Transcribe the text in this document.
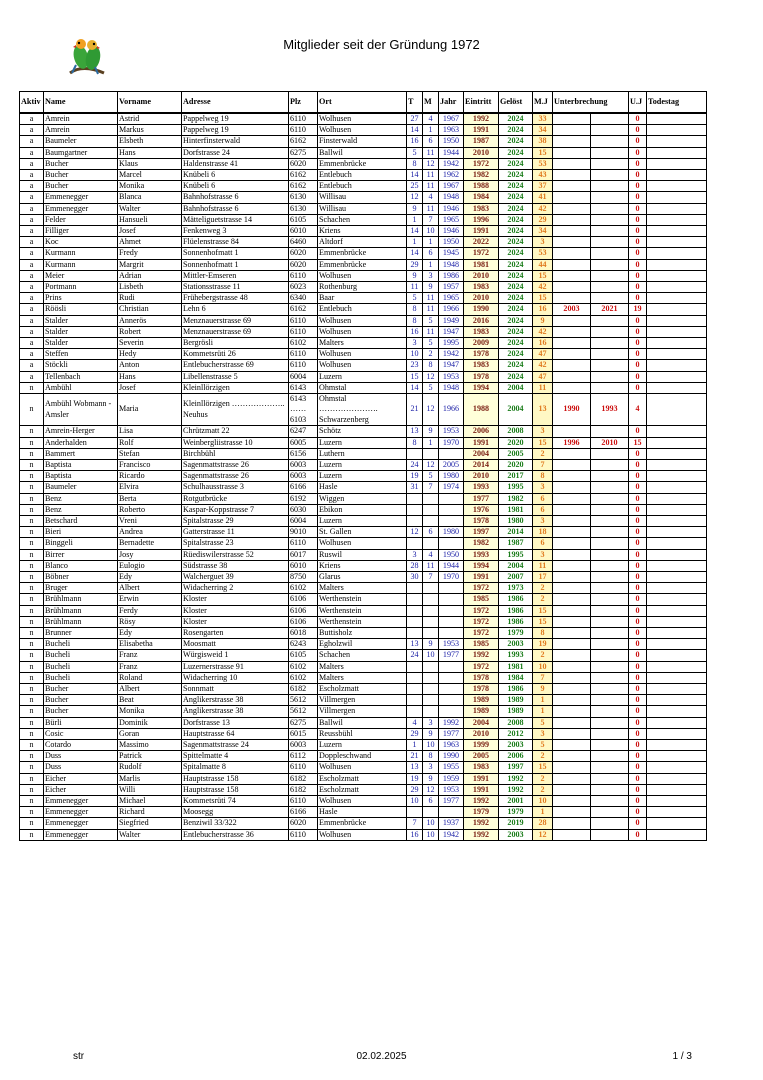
Mitglieder seit der Gründung 1972
Aktiv	Name	Vorname	Adresse	Plz	Ort	T	M	Jahr	Eintritt	Gelöst	M.J	Unterbrechung		U.J	Todestag
a	Amrein	Astrid	Pappelweg 19	6110	Wolhusen	27	4	1967	1992	2024	33			0	
a	Amrein	Markus	Pappelweg 19	6110	Wolhusen	14	1	1963	1991	2024	34			0	
a	Baumeler	Elsbeth	Hinterfinsterwald	6162	Finsterwald	16	6	1950	1987	2024	38			0	
a	Baumgartner	Hans	Dorfstrasse 24	6275	Ballwil	5	11	1944	2010	2024	15			0	
a	Bucher	Klaus	Haldenstrasse 41	6020	Emmenbrücke	8	12	1942	1972	2024	53			0	
a	Bucher	Marcel	Knübeli 6	6162	Entlebuch	14	11	1962	1982	2024	43			0	
a	Bucher	Monika	Knübeli 6	6162	Entlebuch	25	11	1967	1988	2024	37			0	
a	Emmenegger	Blanca	Bahnhofstrasse 6	6130	Willisau	12	4	1948	1984	2024	41			0	
a	Emmenegger	Walter	Bahnhofstrasse 6	6130	Willisau	9	11	1946	1983	2024	42			0	
a	Felder	Hansueli	Mätteliguetstrasse 14	6105	Schachen	1	7	1965	1996	2024	29			0	
a	Filliger	Josef	Fenkenweg 3	6010	Kriens	14	10	1946	1991	2024	34			0	
a	Koc	Ahmet	Flüelenstrasse 84	6460	Altdorf	1	1	1950	2022	2024	3			0	
a	Kurmann	Fredy	Sonnenhofmatt 1	6020	Emmenbrücke	14	6	1945	1972	2024	53			0	
a	Kurmann	Margrit	Sonnenhofmatt 1	6020	Emmenbrücke	29	1	1948	1981	2024	44			0	
a	Meier	Adrian	Mittler-Emseren	6110	Wolhusen	9	3	1986	2010	2024	15			0	
a	Portmann	Lisbeth	Stationsstrasse 11	6023	Rothenburg	11	9	1957	1983	2024	42			0	
a	Prins	Rudi	Frühebergstrasse 48	6340	Baar	5	11	1965	2010	2024	15			0	
a	Röösli	Christian	Lehn 6	6162	Entlebuch	8	11	1966	1990	2024	16	2003	2021	19	
a	Stalder	Annerös	Menznauerstrasse 69	6110	Wolhusen	8	5	1949	2016	2024	9			0	
a	Stalder	Robert	Menznauerstrasse 69	6110	Wolhusen	16	11	1947	1983	2024	42			0	
a	Stalder	Severin	Bergrösli	6102	Malters	3	5	1995	2009	2024	16			0	
a	Steffen	Hedy	Kommetsrüti 26	6110	Wolhusen	10	2	1942	1978	2024	47			0	
a	Stöckli	Anton	Entlebucherstrasse 69	6110	Wolhusen	23	8	1947	1983	2024	42			0	
a	Tellenbach	Hans	Libellenstrasse 5	6004	Luzern	15	12	1953	1978	2024	47			0	
n	Ambühl	Josef	Kleinllörzigen	6143	Ohmstal	14	5	1948	1994	2004	11			0	
n	Ambühl Wobmann - Amsler	Maria	Kleinllörzigen ……………….. Neuhus	6143 …… 6103	Ohmstal …………………. Schwarzenberg	21	12	1966	1988	2004	13	1990	1993	4	
n	Amrein-Herger	Lisa	Chrützmatt 22	6247	Schötz	13	9	1953	2006	2008	3			0	
n	Anderhalden	Rolf	Weinbergliistrasse 10	6005	Luzern	8	1	1970	1991	2020	15	1996	2010	15	
n	Bammert	Stefan	Birchbühl	6156	Luthern				2004	2005	2			0	
n	Baptista	Francisco	Sagenmattstrasse 26	6003	Luzern	24	12	2005	2014	2020	7			0	
n	Baptista	Ricardo	Sagenmattstrasse 26	6003	Luzern	19	5	1980	2010	2017	8			0	
n	Baumeler	Elvira	Schulhausstrasse 3	6166	Hasle	31	7	1974	1993	1995	3			0	
n	Benz	Berta	Rotgutbrücke	6192	Wiggen				1977	1982	6			0	
n	Benz	Roberto	Kaspar-Koppstrasse 7	6030	Ebikon				1976	1981	6			0	
n	Betschard	Vreni	Spitalstrasse 29	6004	Luzern				1978	1980	3			0	
n	Bieri	Andrea	Gatterstrasse 11	9010	St. Gallen	12	6	1980	1997	2014	18			0	
n	Binggeli	Bernadette	Spitalstrasse 23	6110	Wolhusen				1982	1987	6			0	
n	Birrer	Josy	Rüediswilerstrasse 52	6017	Ruswil	3	4	1950	1993	1995	3			0	
n	Blanco	Eulogio	Südstrasse 38	6010	Kriens	28	11	1944	1994	2004	11			0	
n	Böbner	Edy	Walcherguet 39	8750	Glarus	30	7	1970	1991	2007	17			0	
n	Bruger	Albert	Widacherring 2	6102	Malters				1972	1973	2			0	
n	Brühlmann	Erwin	Kloster	6106	Werthenstein				1985	1986	2			0	
n	Brühlmann	Ferdy	Kloster	6106	Werthenstein				1972	1986	15			0	
n	Brühlmann	Rösy	Kloster	6106	Werthenstein				1972	1986	15			0	
n	Brunner	Edy	Rosengarten	6018	Buttisholz				1972	1979	8			0	
n	Bucheli	Elisabetha	Moosmatt	6243	Egholzwil	13	9	1953	1985	2003	19			0	
n	Bucheli	Franz	Würgisweid 1	6105	Schachen	24	10	1977	1992	1993	2			0	
n	Bucheli	Franz	Luzernerstrasse 91	6102	Malters				1972	1981	10			0	
n	Bucheli	Roland	Widacherring 10	6102	Malters				1978	1984	7			0	
n	Bucher	Albert	Sonnmatt	6182	Escholzmatt				1978	1986	9			0	
n	Bucher	Beat	Anglikerstrasse 38	5612	Villmergen				1989	1989	1			0	
n	Bucher	Monika	Anglikerstrasse 38	5612	Villmergen				1989	1989	1			0	
n	Bürli	Dominik	Dorfstrasse 13	6275	Ballwil	4	3	1992	2004	2008	5			0	
n	Cosic	Goran	Hauptstrasse 64	6015	Reussbühl	29	9	1977	2010	2012	3			0	
n	Cotardo	Massimo	Sagenmattstrasse 24	6003	Luzern	1	10	1963	1999	2003	5			0	
n	Duss	Patrick	Spittelmatte 4	6112	Doppleschwand	21	8	1990	2005	2006	2			0	
n	Duss	Rudolf	Spitalmatte 8	6110	Wolhusen	13	3	1955	1983	1997	15			0	
n	Eicher	Marlis	Hauptstrasse 158	6182	Escholzmatt	19	9	1959	1991	1992	2			0	
n	Eicher	Willi	Hauptstrasse 158	6182	Escholzmatt	29	12	1953	1991	1992	2			0	
n	Emmenegger	Michael	Kommetsrüti 74	6110	Wolhusen	10	6	1977	1992	2001	10			0	
n	Emmenegger	Richard	Moosegg	6166	Hasle				1979	1979	1			0	
n	Emmenegger	Siegfried	Benziwil 33/322	6020	Emmenbrücke	7	10	1937	1992	2019	28			0	
n	Emmenegger	Walter	Entlebucherstrasse 36	6110	Wolhusen	16	10	1942	1992	2003	12			0	
str	02.02.2025	1 / 3
